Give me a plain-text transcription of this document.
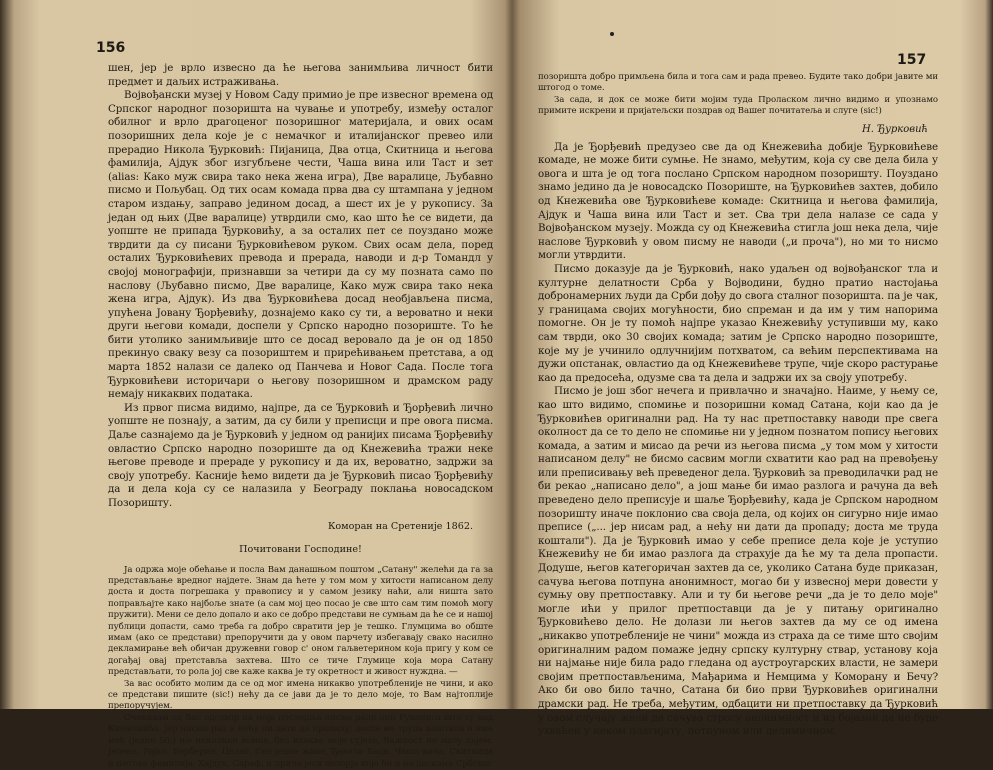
156

шен, јер је врло извесно да ће његова занимљива личност бити предмет и даљих истраживања.

Војвођански музеј у Новом Саду примио је пре извесног времена од Српског народног позоришта на чување и употребу, између осталог обилног и врло драгоценог позоришног материјала, и ових осам позоришних дела које је с немачког и италијанског превео или прерадио Никола Ђурковић: Пијаница, Два отца, Скитница и његова фамилија, Ајдук због изгубљене чести, Чаша вина или Таст и зет (alias: Како муж свира тако нека жена игра), Две варалице, Љубавно писмо и Пољубац. Од тих осам комада прва два су штампана у једном старом издању, заправо једином досад, а шест их је у рукопису. За један од њих (Две варалице) утврдили смо, као што ће се видети, да уопште не припада Ђурковићу, а за осталих пет се поуздано може тврдити да су писани Ђурковићевом руком. Свих осам дела, поред осталих Ђурковићевих превода и прерада, наводи и д-р Томандл у својој монографији, признавши за четири да су му позната само по наслову (Љубавно писмо, Две варалице, Како муж свира тако нека жена игра, Ајдук). Из два Ђурковићева досад необјављена писма, упућена Јовану Ђорђевићу, дознајемо како су ти, а вероватно и неки други његови комади, доспели у Српско народно позориште. То ће бити утолико занимљивије што се досад веровало да је он од 1850 прекинуо сваку везу са позориштем и прирећивањем претстава, а од марта 1852 налази се далеко од Панчева и Новог Сада. После тога Ђурковићеви историчари о његову позоришном и драмском раду немају никаквих података.

Из првог писма видимо, најпре, да се Ђурковић и Ђорђевић лично уопште не познају, а затим, да су били у преписци и пре овога писма. Даље сазнајемо да је Ђурковић у једном од ранијих писама Ђорђевићу овластио Српско народно позориште да од Кнежевића тражи неке његове преводе и прераде у рукопису и да их, вероватно, задржи за своју употребу. Касније ћемо видети да је Ђурковић писао Ђорђевићу да и дела која су се налазила у Београду поклања новосадском Позоришту.

Коморан на Сретеније 1862.
Почитовани Господине!

Ја одржа моје обећање и посла Вам данашњом поштом „Сатану" желећи да га за представљање вредног најдете. Знам да ћете у том мом у хитости написаном делу доста и доста погрешака у правопису и у самом језику наћи, али ништа зато поправљајте како најбоље знате (а сам мој цео посао је све што сам тим помоћ могу пружити). Мени се дело допало и ако се добро представи не сумњам да ће се и нашој публици допасти, само треба га добро свратити јер је тешко. Глумцима во обште имам (ако се представи) препоручити да у овом парчету избегавају свако насилно декламирање већ обичан дружевни говор с' оном гаљветерином која пригу у ком се догађај овај претставља захтева. Што се тиче Глумице која мора Сатану представљати, то рола јој све каже каква је ту окретност и живост нуждна. —

За вас особито молим да се од мог имена никакво употребленије не чини, и ако се представи пишите (sic!) нећу да се јави да је то дело моје, то Вам најтоплије препоручујем.

Очекивам од Вас одговор на моја последња писма ради они Рукописа што су код Кнежевића, јер нисам рад а нећу ни дати да пропаду; доста ме труда коштала и има мећ (једно 50:) ње неколико вомна, без икакве моје сујете, Важност не малу дајем. Јелена, Рајко, Берберин, Целат, Сен једне живе, Ђаволи Баци, Чаша вина, Скитница и његова фамилија, Хајдук, Сараф, и прича јеси позорја која би и на даскама Србског

157

позоришта добро примљена била и тога сам и рада превео. Будите тако добри јавите ми штогод о томе.

За сада, и док се може бити мојим туда Проласком лично видимо и упознамо примите искрени и пријатељски поздрав од Вашег почитатеља и слуге (sic!)

Н. Ђурковић

Да је Ђорђевић предузео све да од Кнежевића добије Ђурковићеве комаде, не може бити сумње. Не знамо, међутим, која су све дела била у овога и шта је од тога послано Српском народном позоришту. Поуздано знамо једино да је новосадско Позориште, на Ђурковићев захтев, добило од Кнежевића ове Ђурковићеве комаде: Скитница и његова фамилија, Ајдук и Чаша вина или Таст и зет. Сва три дела налазе се сада у Војвођанском музеју. Можда су од Кнежевића стигла још нека дела, чије наслове Ђурковић у овом писму не наводи („и проча"), но ми то нисмо могли утврдити.

Писмо доказује да је Ђурковић, нако удаљен од војвођанског тла и културне делатности Срба у Војводини, будно пратио настојања добронамерних људи да Срби дођу до свога сталног позоришта. па је чак, у границама својих могућности, био спреман и да им у тим напорима помогне. Он је ту помоћ најпре указао Кнежевићу уступивши му, како сам тврди, око 30 својих комада; затим је Српско народно позориште, које му је учинило одлучнијим потхватом, са већим перспективама на дужи опстанак, овластио да од Кнежевићеве трупе, чије скоро растурање као да предосећа, одузме сва та дела и задржи их за своју употребу.

Писмо је још због нечега и привлачно и значајно. Наиме, у њему се, као што видимо, спомиње и позоришни комад Сатана, који као да је Ђурковићев оригинални рад. На ту нас претпоставку наводи пре свега околност да се то дело не спомиње ни у једном познатом попису његових комада, а затим и мисао да речи из његова писма „у том мом у хитости написаном делу" не бисмо сасвим могли схватити као рад на превођењу или преписивању већ преведеног дела. Ђурковић за преводилачки рад не би рекао „написано дело", а још мање би имао разлога и рачуна да већ преведено дело преписује и шаље Ђорђевићу, када је Српском народном позоришту иначе поклонио сва своја дела, од којих он сигурно није имао преписе („... јер нисам рад, а нећу ни дати да пропаду; доста ме труда коштали"). Да је Ђурковић имао у себе преписе дела које је уступио Кнежевићу не би имао разлога да страхује да ће му та дела пропасти. Додуше, његов категоричан захтев да се, уколико Сатана буде приказан, сачува његова потпуна анонимност, могао би у извесној мери довести у сумњу ову претпоставку. Али и ту би његове речи „да је то дело моје" могле ићи у прилог претпоставци да је у питању оригинално Ђурковићево дело. Не долази ли његов захтев да му се од имена „никакво употребленије не чини" можда из страха да се тиме што својим оригиналним радом помаже једну српску културну ствар, установу која ни најмање није била радо гледана од аустроугарских власти, не замери својим претпостављенима, Мађарима и Немцима у Коморану и Бечу? Ако би ово било тачно, Сатана би био први Ђурковићев оригинални драмски рад. Не треба, међутим, одбацити ни претпоставку да Ђурковић у овом случају жели да сачува строгу анонимност и из бојазни да не буде ухваћен у неком плагијату, потпуном или делимичном.
